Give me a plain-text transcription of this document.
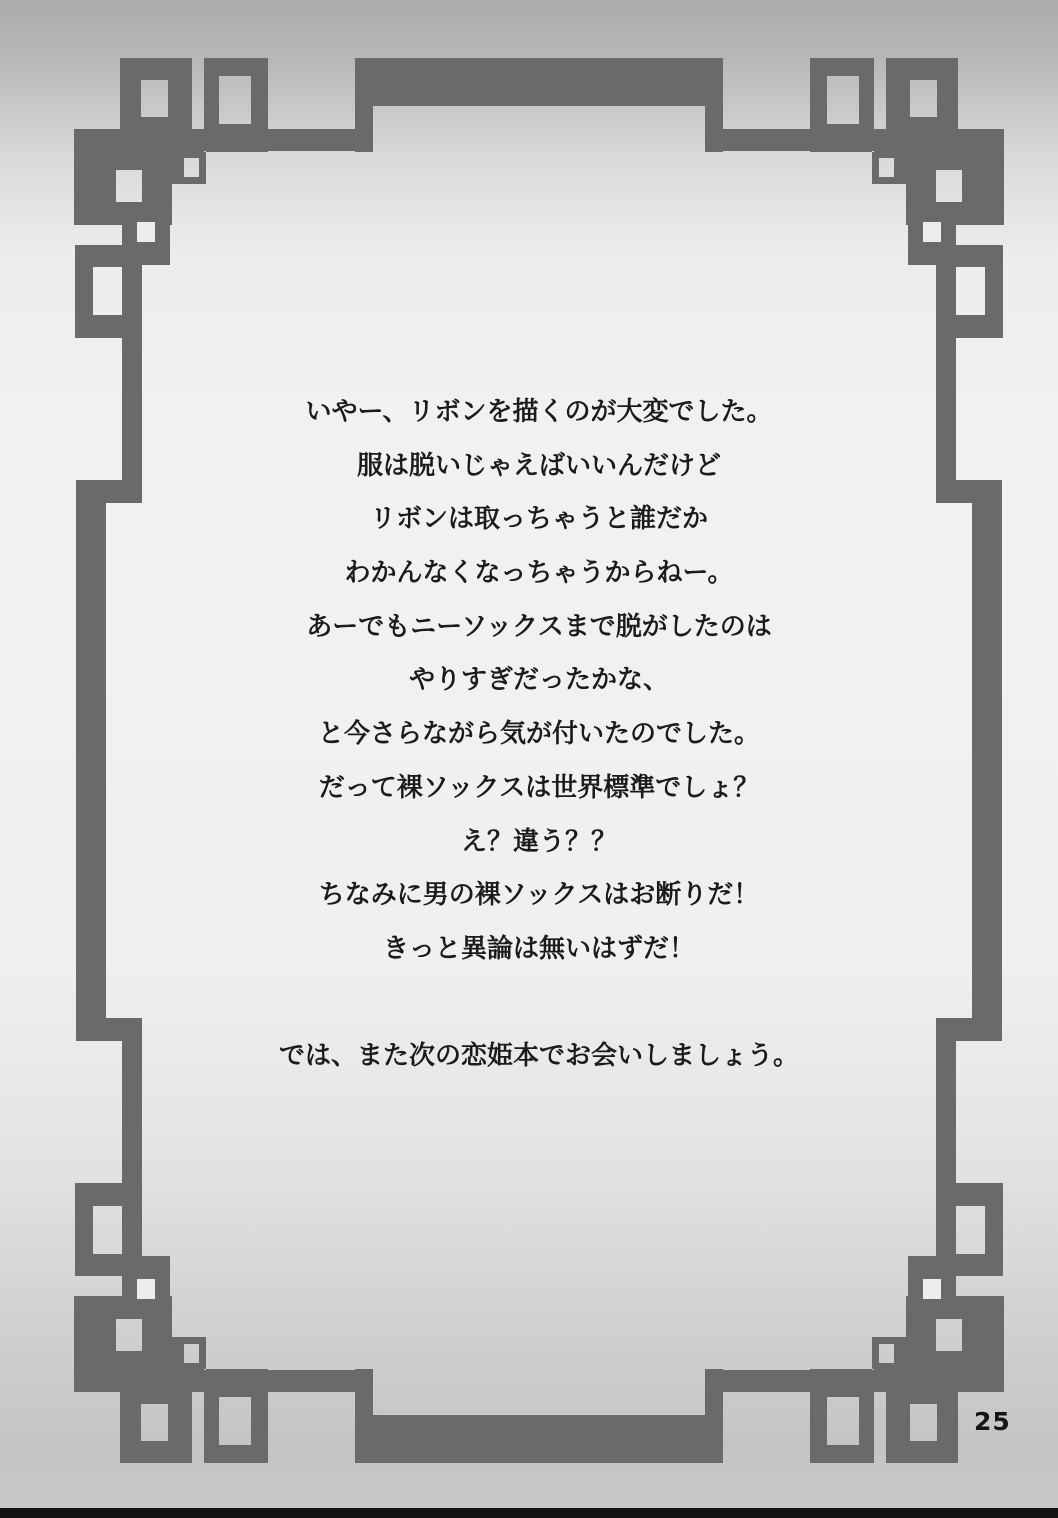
いやー、リボンを描くのが大変でした。
服は脱いじゃえばいいんだけど
リボンは取っちゃうと誰だか
わかんなくなっちゃうからねー。
あーでもニーソックスまで脱がしたのは
やりすぎだったかな、
と今さらながら気が付いたのでした。
だって裸ソックスは世界標準でしょ？
え？違う？？
ちなみに男の裸ソックスはお断りだ！
きっと異論は無いはずだ！
では、また次の恋姫本でお会いしましょう。
25
